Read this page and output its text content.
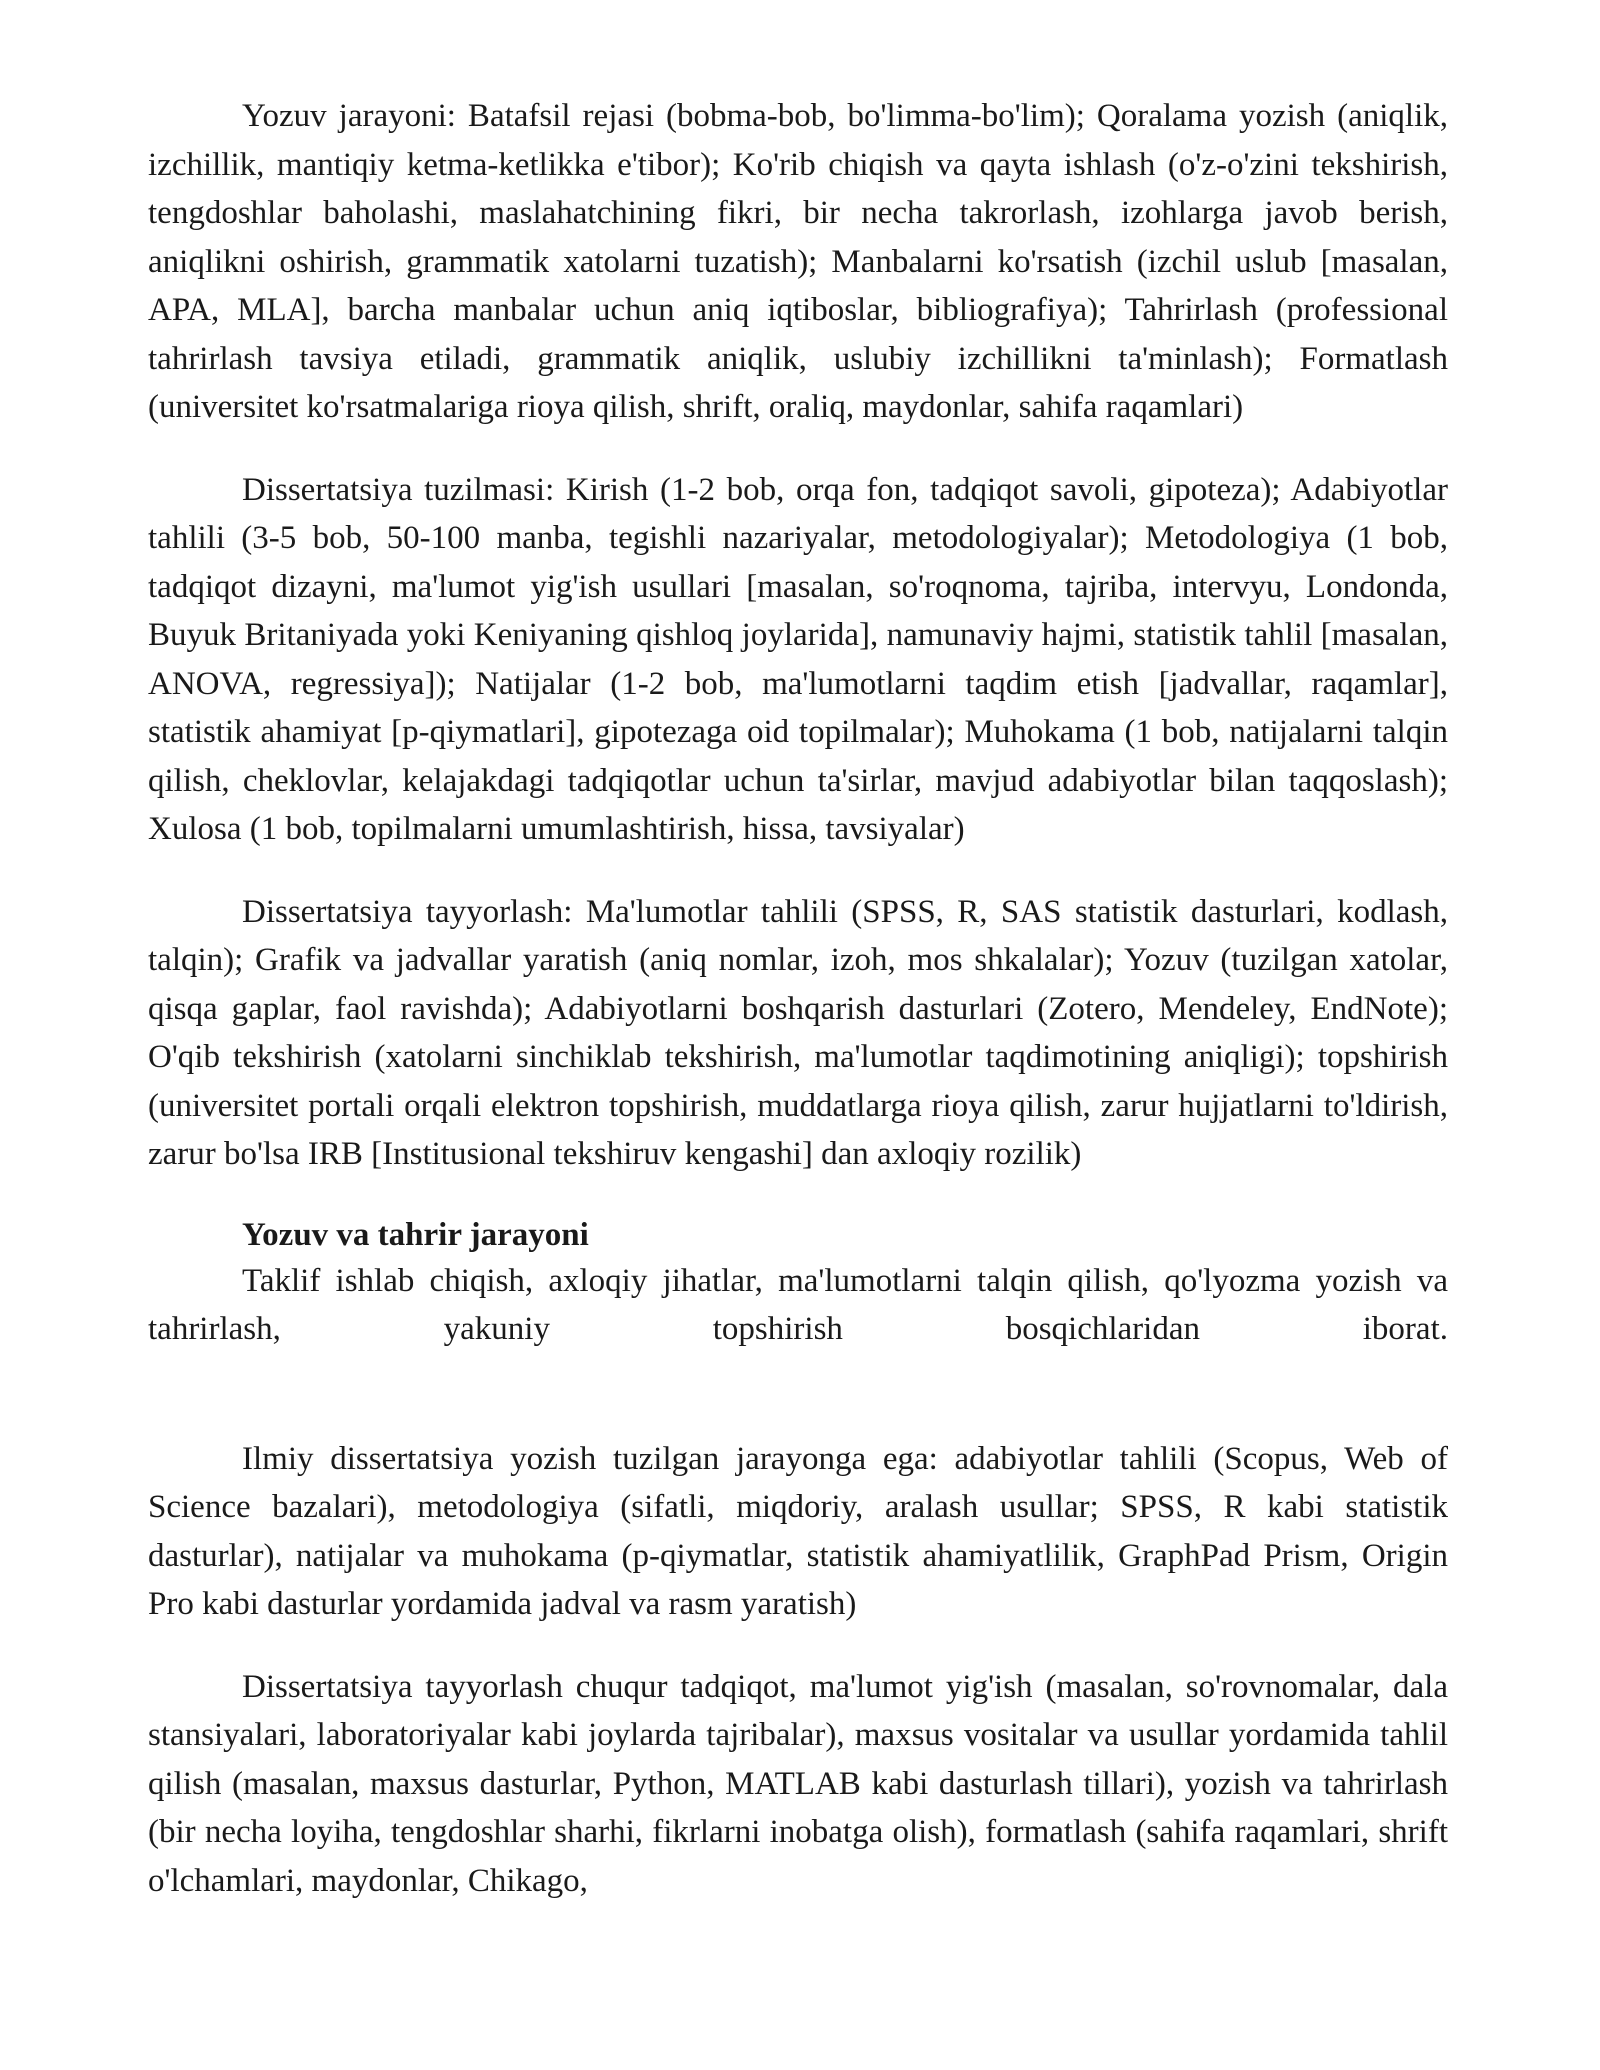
Yozuv jarayoni: Batafsil rejasi (bobma-bob, bo'limma-bo'lim); Qoralama yozish (aniqlik, izchillik, mantiqiy ketma-ketlikka e'tibor); Ko'rib chiqish va qayta ishlash (o'z-o'zini tekshirish, tengdoshlar baholashi, maslahatchining fikri, bir necha takrorlash, izohlarga javob berish, aniqlikni oshirish, grammatik xatolarni tuzatish); Manbalarni ko'rsatish (izchil uslub [masalan, APA, MLA], barcha manbalar uchun aniq iqtiboslar, bibliografiya); Tahrirlash (professional tahrirlash tavsiya etiladi, grammatik aniqlik, uslubiy izchillikni ta'minlash); Formatlash (universitet ko'rsatmalariga rioya qilish, shrift, oraliq, maydonlar, sahifa raqamlari)

Dissertatsiya tuzilmasi: Kirish (1-2 bob, orqa fon, tadqiqot savoli, gipoteza); Adabiyotlar tahlili (3-5 bob, 50-100 manba, tegishli nazariyalar, metodologiyalar); Metodologiya (1 bob, tadqiqot dizayni, ma'lumot yig'ish usullari [masalan, so'roqnoma, tajriba, intervyu, Londonda, Buyuk Britaniyada yoki Keniyaning qishloq joylarida], namunaviy hajmi, statistik tahlil [masalan, ANOVA, regressiya]); Natijalar (1-2 bob, ma'lumotlarni taqdim etish [jadvallar, raqamlar], statistik ahamiyat [p-qiymatlari], gipotezaga oid topilmalar); Muhokama (1 bob, natijalarni talqin qilish, cheklovlar, kelajakdagi tadqiqotlar uchun ta'sirlar, mavjud adabiyotlar bilan taqqoslash); Xulosa (1 bob, topilmalarni umumlashtirish, hissa, tavsiyalar)

Dissertatsiya tayyorlash: Ma'lumotlar tahlili (SPSS, R, SAS statistik dasturlari, kodlash, talqin); Grafik va jadvallar yaratish (aniq nomlar, izoh, mos shkalalar); Yozuv (tuzilgan xatolar, qisqa gaplar, faol ravishda); Adabiyotlarni boshqarish dasturlari (Zotero, Mendeley, EndNote); O'qib tekshirish (xatolarni sinchiklab tekshirish, ma'lumotlar taqdimotining aniqligi); topshirish (universitet portali orqali elektron topshirish, muddatlarga rioya qilish, zarur hujjatlarni to'ldirish, zarur bo'lsa IRB [Institusional tekshiruv kengashi] dan axloqiy rozilik)

Yozuv va tahrir jarayoni

Taklif ishlab chiqish, axloqiy jihatlar, ma'lumotlarni talqin qilish, qo'lyozma yozish va tahrirlash, yakuniy topshirish bosqichlaridan iborat.

Ilmiy dissertatsiya yozish tuzilgan jarayonga ega: adabiyotlar tahlili (Scopus, Web of Science bazalari), metodologiya (sifatli, miqdoriy, aralash usullar; SPSS, R kabi statistik dasturlar), natijalar va muhokama (p-qiymatlar, statistik ahamiyatlilik, GraphPad Prism, Origin Pro kabi dasturlar yordamida jadval va rasm yaratish)

Dissertatsiya tayyorlash chuqur tadqiqot, ma'lumot yig'ish (masalan, so'rovnomalar, dala stansiyalari, laboratoriyalar kabi joylarda tajribalar), maxsus vositalar va usullar yordamida tahlil qilish (masalan, maxsus dasturlar, Python, MATLAB kabi dasturlash tillari), yozish va tahrirlash (bir necha loyiha, tengdoshlar sharhi, fikrlarni inobatga olish), formatlash (sahifa raqamlari, shrift o'lchamlari, maydonlar, Chikago,
